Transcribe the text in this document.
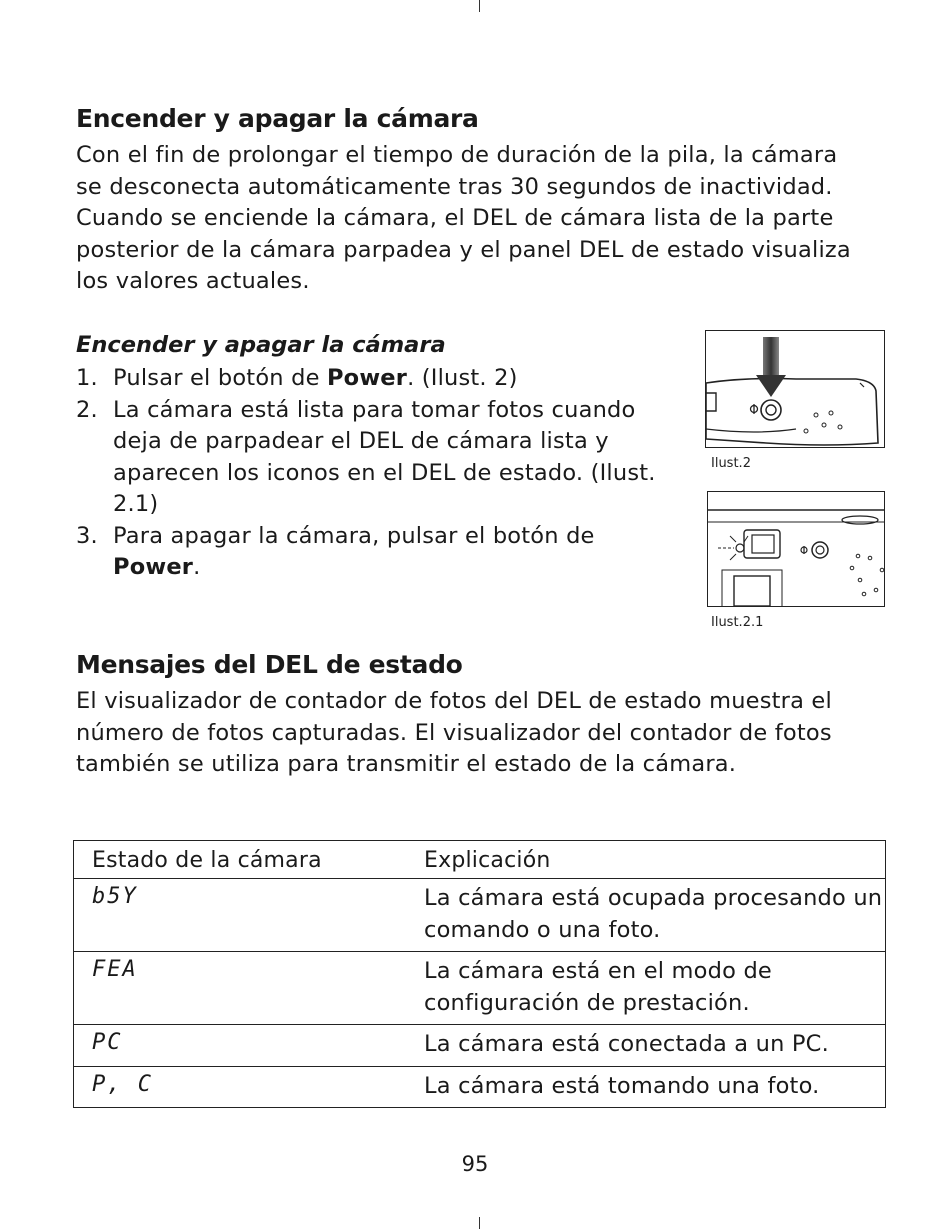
Encender y apagar la cámara

Con el fin de prolongar el tiempo de duración de la pila, la cámara se desconecta automáticamente tras 30 segundos de inactividad. Cuando se enciende la cámara, el DEL de cámara lista de la parte posterior de la cámara parpadea y el panel DEL de estado visualiza los valores actuales.

Encender y apagar la cámara

1. Pulsar el botón de Power. (Ilust. 2)
2. La cámara está lista para tomar fotos cuando deja de parpadear el DEL de cámara lista y aparecen los iconos en el DEL de estado. (Ilust. 2.1)
3. Para apagar la cámara, pulsar el botón de Power.
Ilust.2
Ilust.2.1
Mensajes del DEL de estado

El visualizador de contador de fotos del DEL de estado muestra el número de fotos capturadas. El visualizador del contador de fotos también se utiliza para transmitir el estado de la cámara.

Estado de la cámara	Explicación
b5Y	La cámara está ocupada procesando un comando o una foto.
FEA	La cámara está en el modo de configuración de prestación.
PC	La cámara está conectada a un PC.
P, C	La cámara está tomando una foto.
95
